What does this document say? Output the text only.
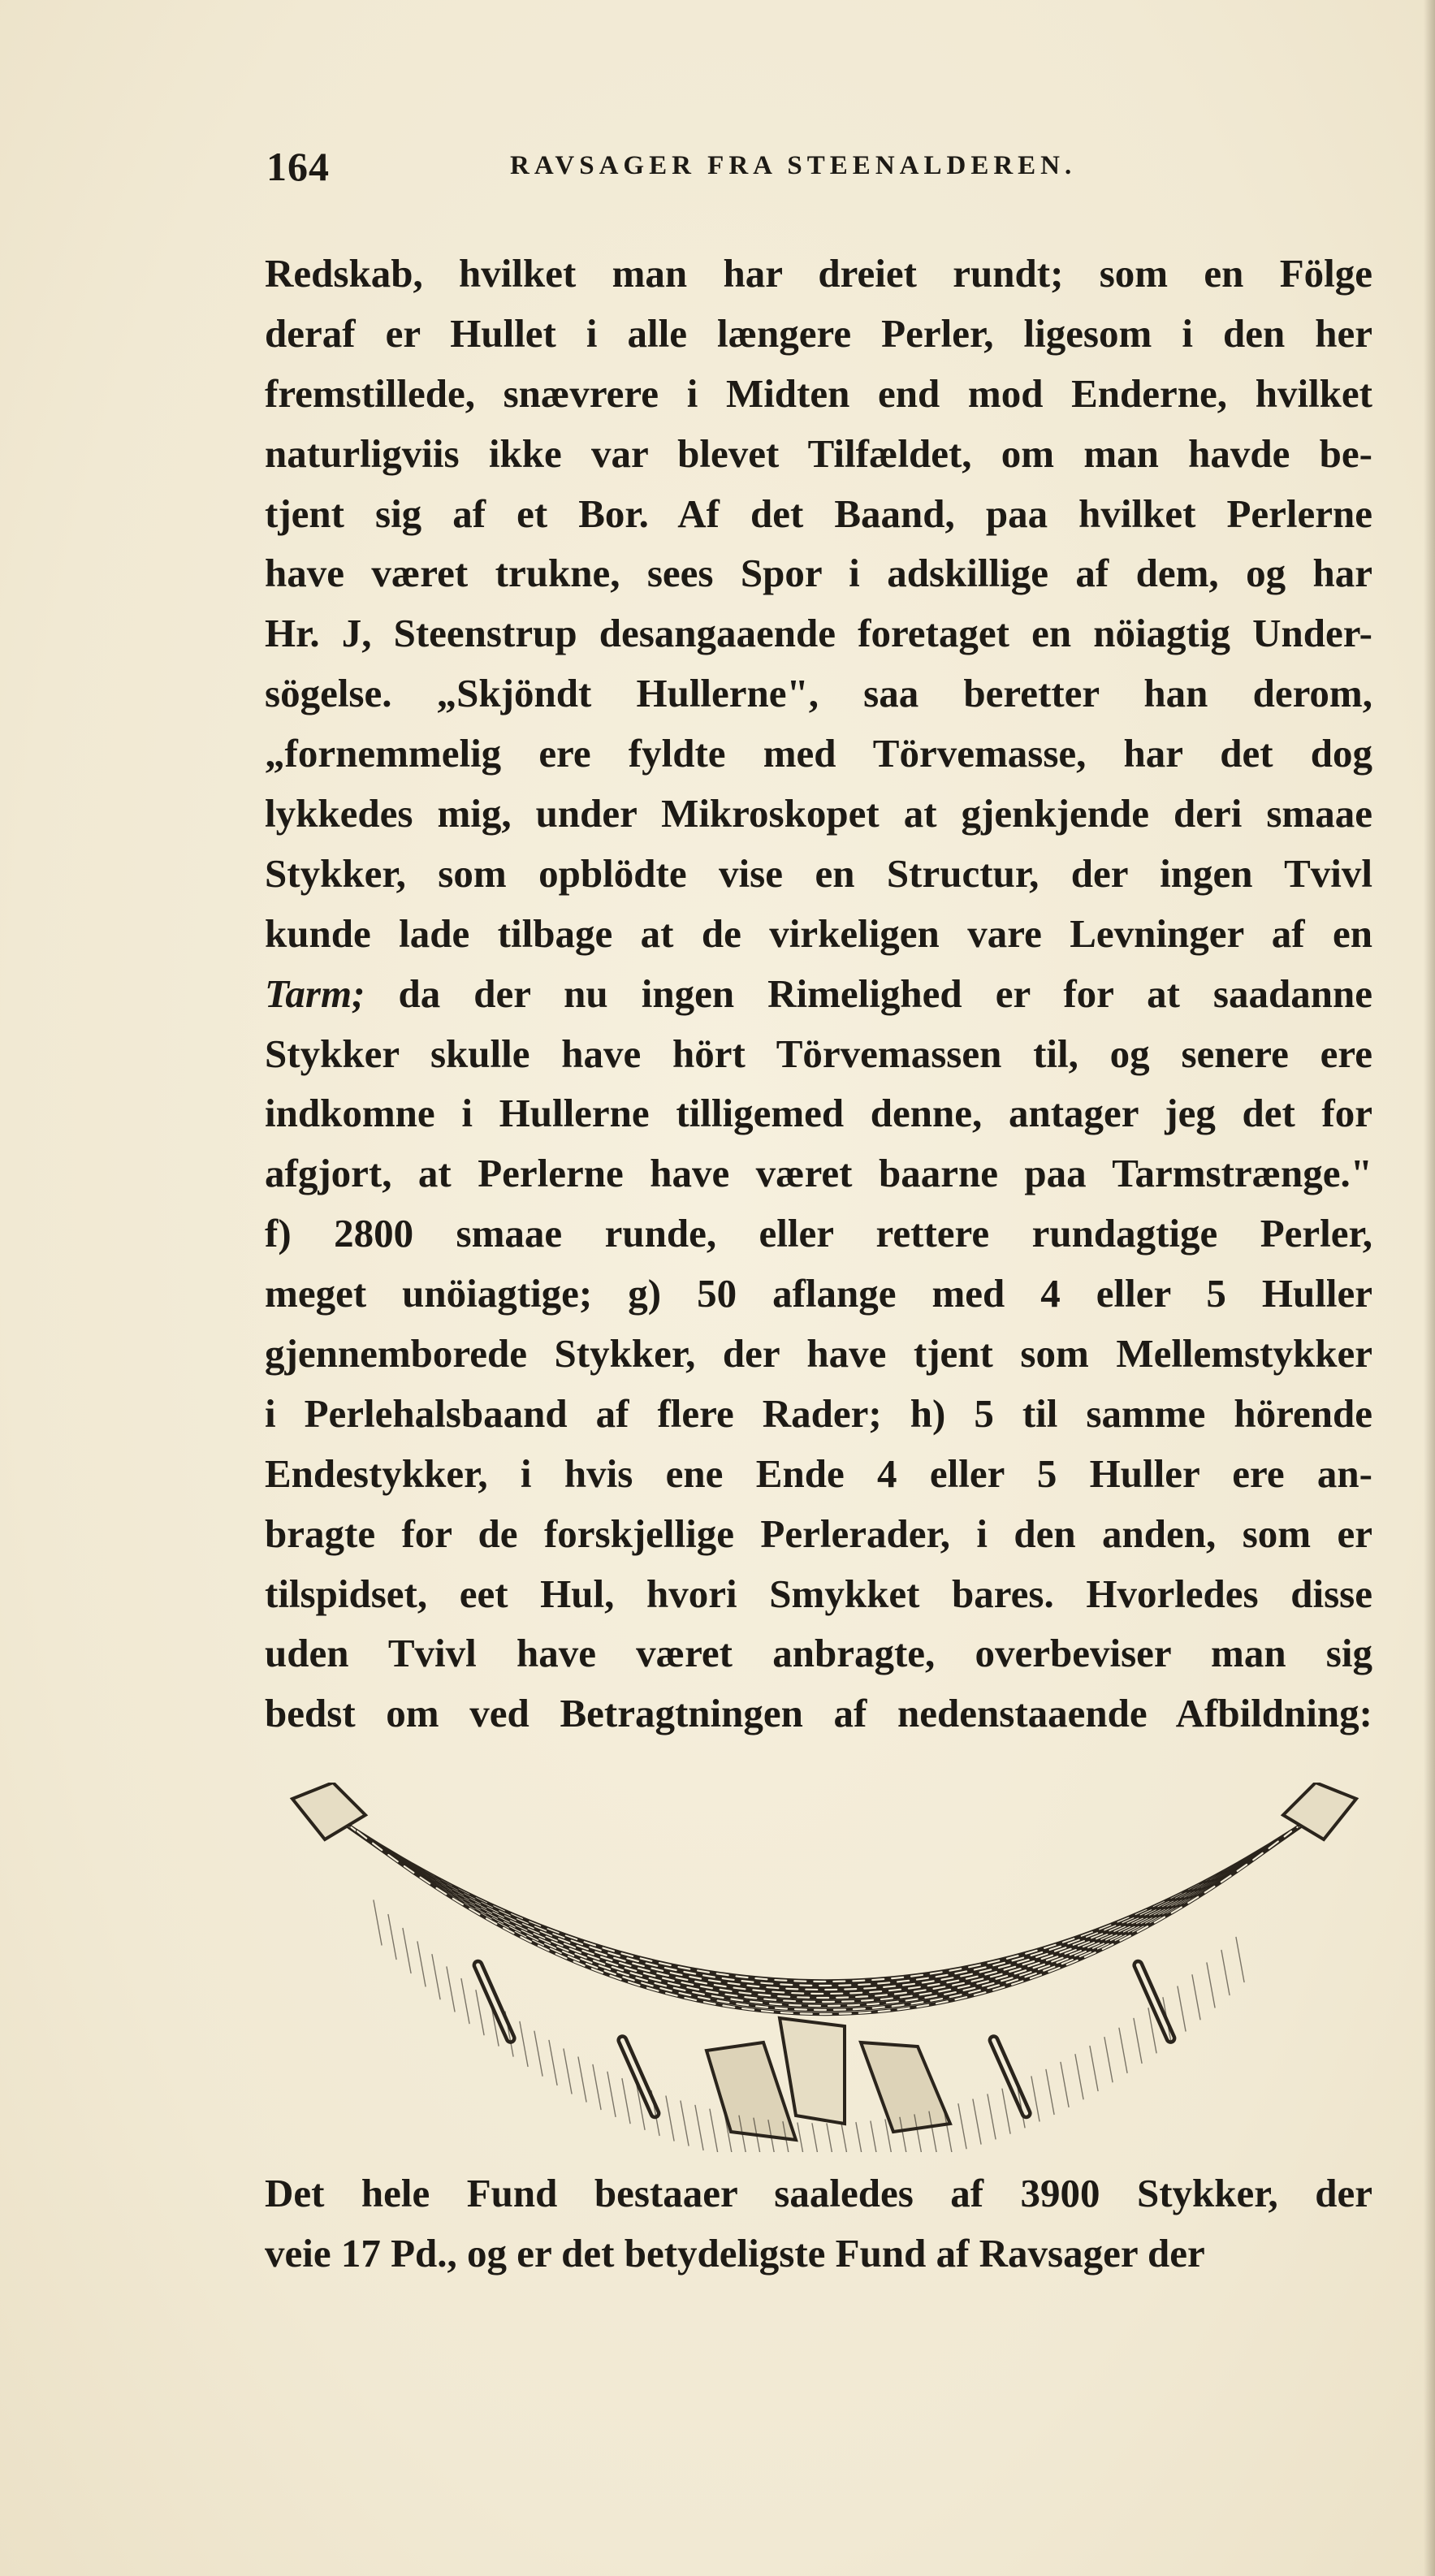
164	RAVSAGER FRA STEENALDEREN.
Redskab, hvilket man har dreiet rundt; som en Fölge
deraf er Hullet i alle længere Perler, ligesom i den her
fremstillede, snævrere i Midten end mod Enderne, hvilket
naturligviis ikke var blevet Tilfældet, om man havde be-
tjent sig af et Bor. Af det Baand, paa hvilket Perlerne
have været trukne, sees Spor i adskillige af dem, og har
Hr. J, Steenstrup desangaaende foretaget en nöiagtig Under-
sögelse. „Skjöndt Hullerne", saa beretter han derom,
„fornemmelig ere fyldte med Törvemasse, har det dog
lykkedes mig, under Mikroskopet at gjenkjende deri smaae
Stykker, som opblödte vise en Structur, der ingen Tvivl
kunde lade tilbage at de virkeligen vare Levninger af en
Tarm; da der nu ingen Rimelighed er for at saadanne
Stykker skulle have hört Törvemassen til, og senere ere
indkomne i Hullerne tilligemed denne, antager jeg det for
afgjort, at Perlerne have været baarne paa Tarmstrænge."
f) 2800 smaae runde, eller rettere rundagtige Perler,
meget unöiagtige; g) 50 aflange med 4 eller 5 Huller
gjennemborede Stykker, der have tjent som Mellemstykker
i Perlehalsbaand af flere Rader; h) 5 til samme hörende
Endestykker, i hvis ene Ende 4 eller 5 Huller ere an-
bragte for de forskjellige Perlerader, i den anden, som er
tilspidset, eet Hul, hvori Smykket bares. Hvorledes disse
uden Tvivl have været anbragte, overbeviser man sig
bedst om ved Betragtningen af nedenstaaende Afbildning:
Det hele Fund bestaaer saaledes af 3900 Stykker, der
veie 17 Pd., og er det betydeligste Fund af Ravsager der
